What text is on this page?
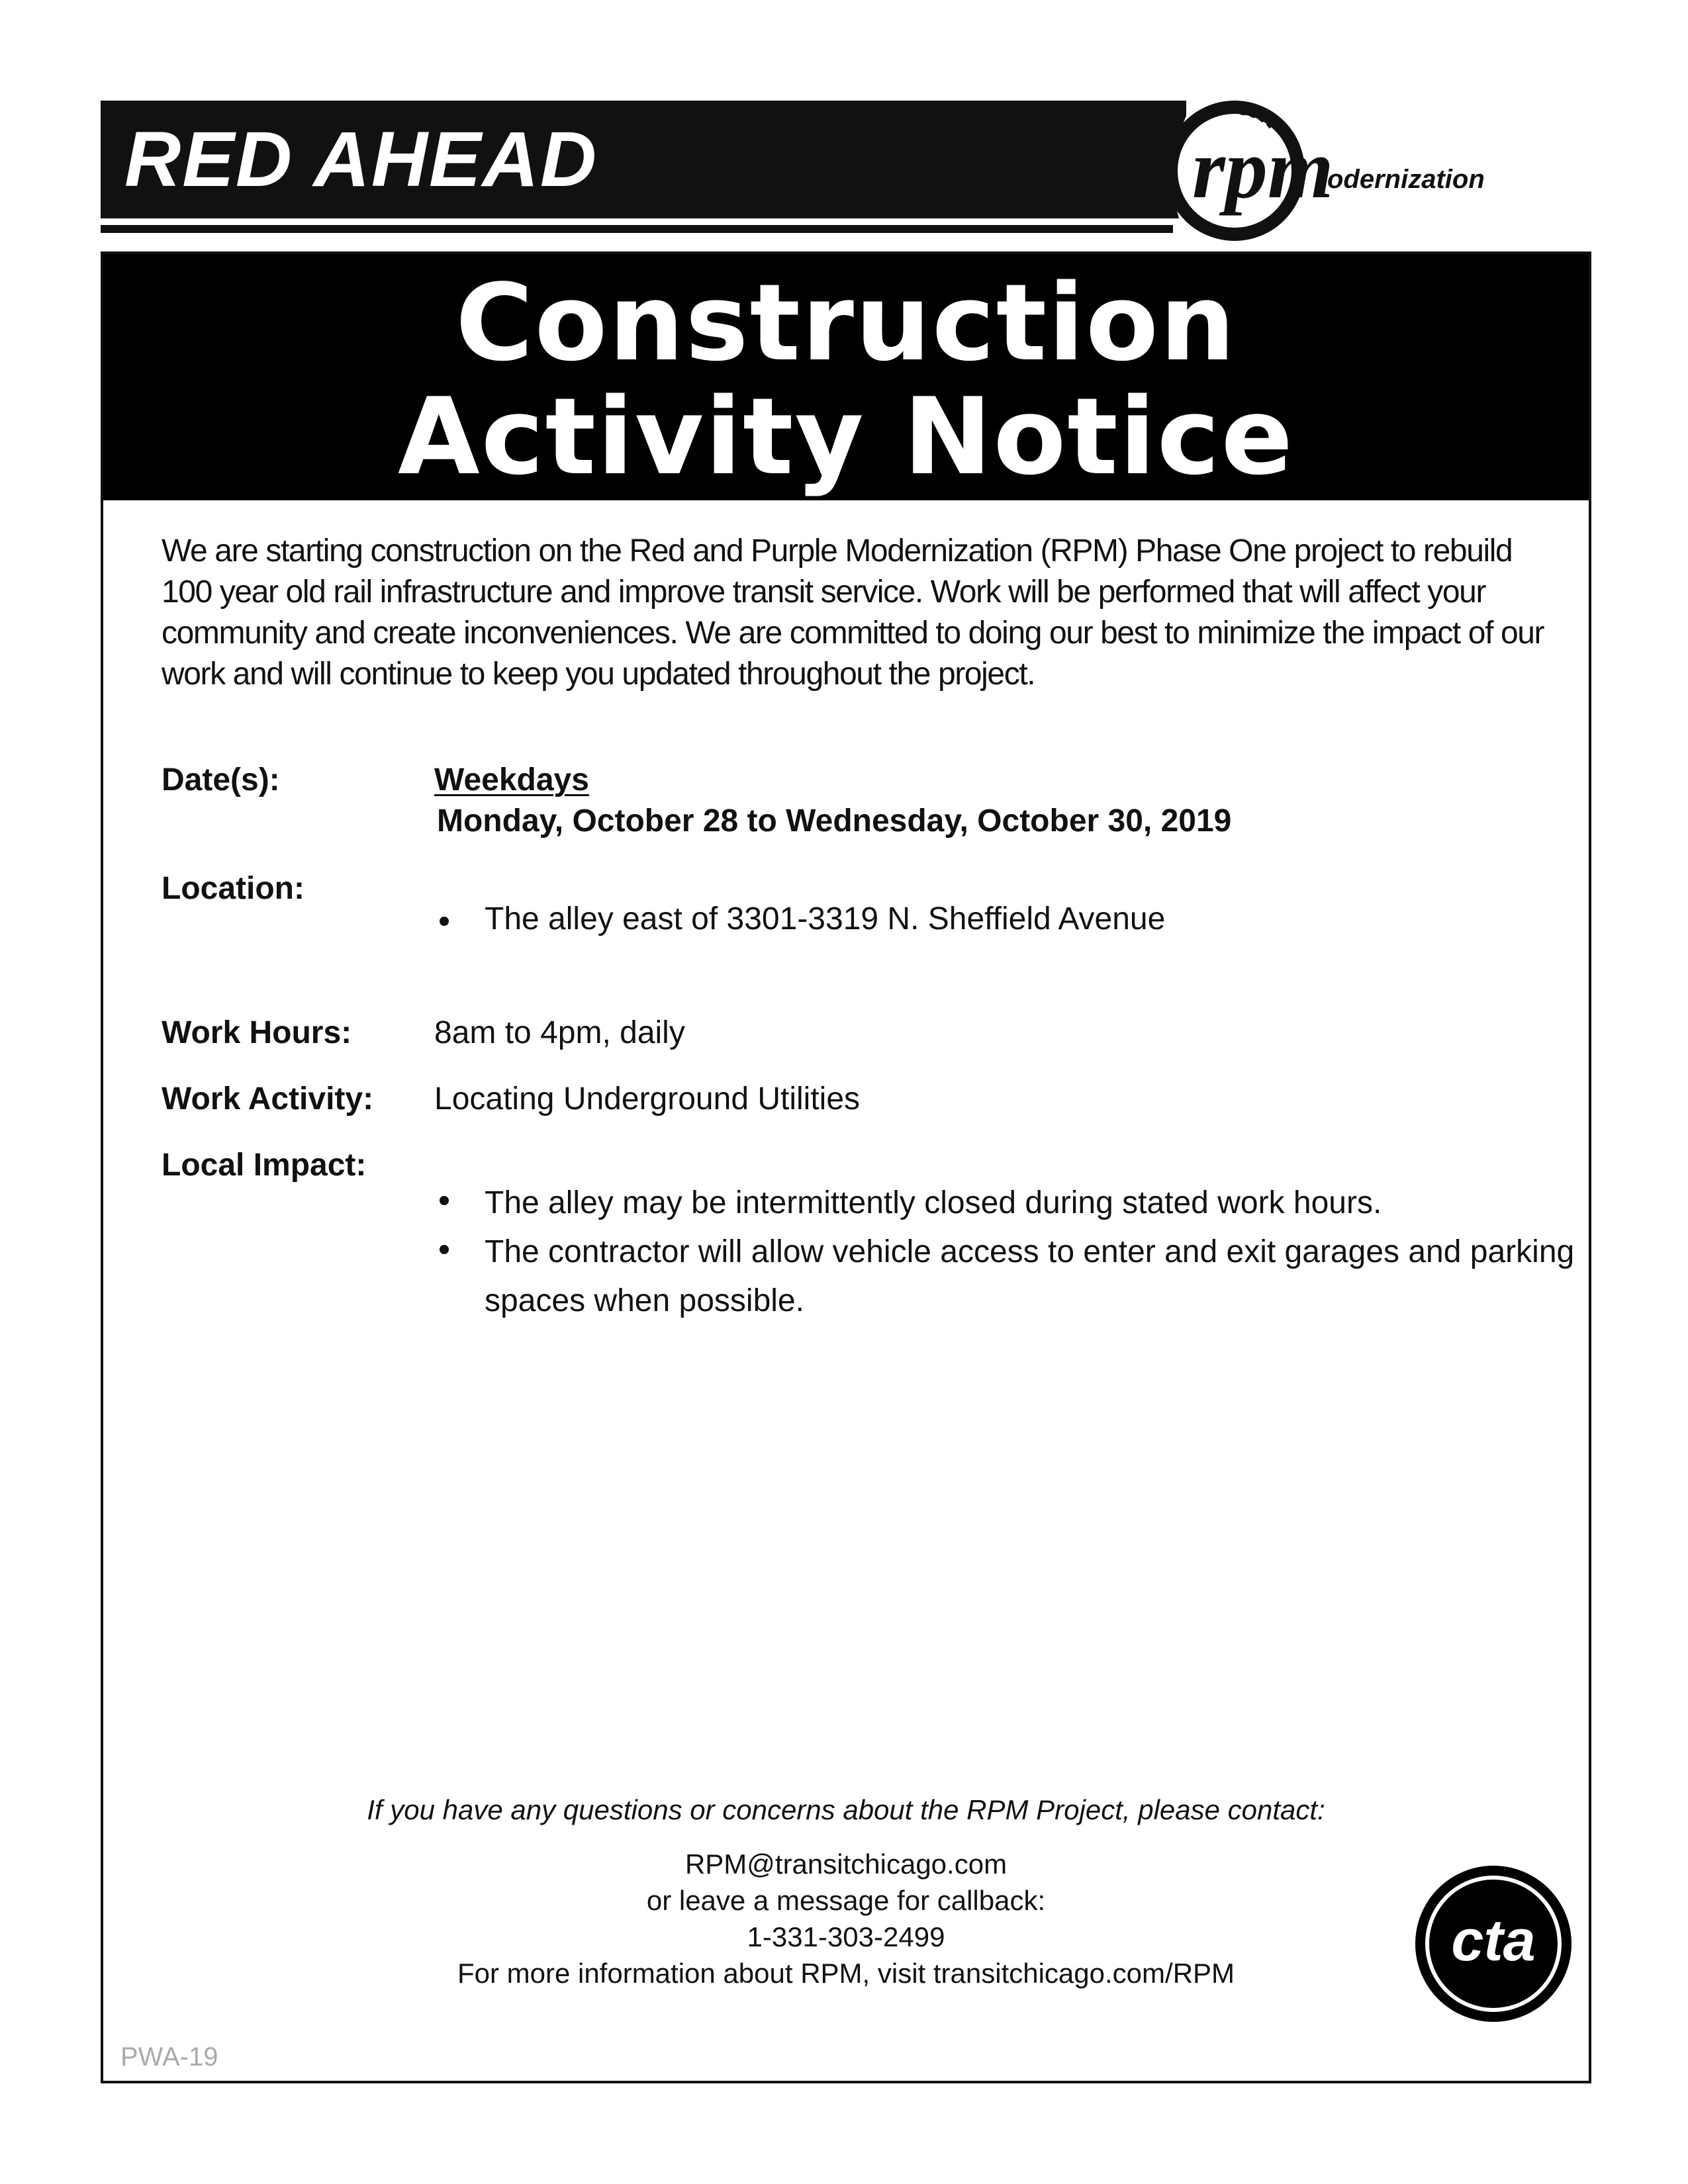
RED AHEAD	rpm
odernization
Construction
Activity Notice

We are starting construction on the Red and Purple Modernization (RPM) Phase One project to rebuild 100 year old rail infrastructure and improve transit service. Work will be performed that will affect your community and create inconveniences. We are committed to doing our best to minimize the impact of our work and will continue to keep you updated throughout the project.

Date(s):	Weekdays
Monday, October 28 to Wednesday, October 30, 2019
Location:
The alley east of 3301-3319 N. Sheffield Avenue
Work Hours:	8am to 4pm, daily
Work Activity: Locating Underground Utilities
Local Impact:
The alley may be intermittently closed during stated work hours.
The contractor will allow vehicle access to enter and exit garages and parking spaces when possible.
If you have any questions or concerns about the RPM Project, please contact:
RPM@transitchicago.com
or leave a message for callback:
1-331-303-2499
For more information about RPM, visit transitchicago.com/RPM
PWA-19
cta
